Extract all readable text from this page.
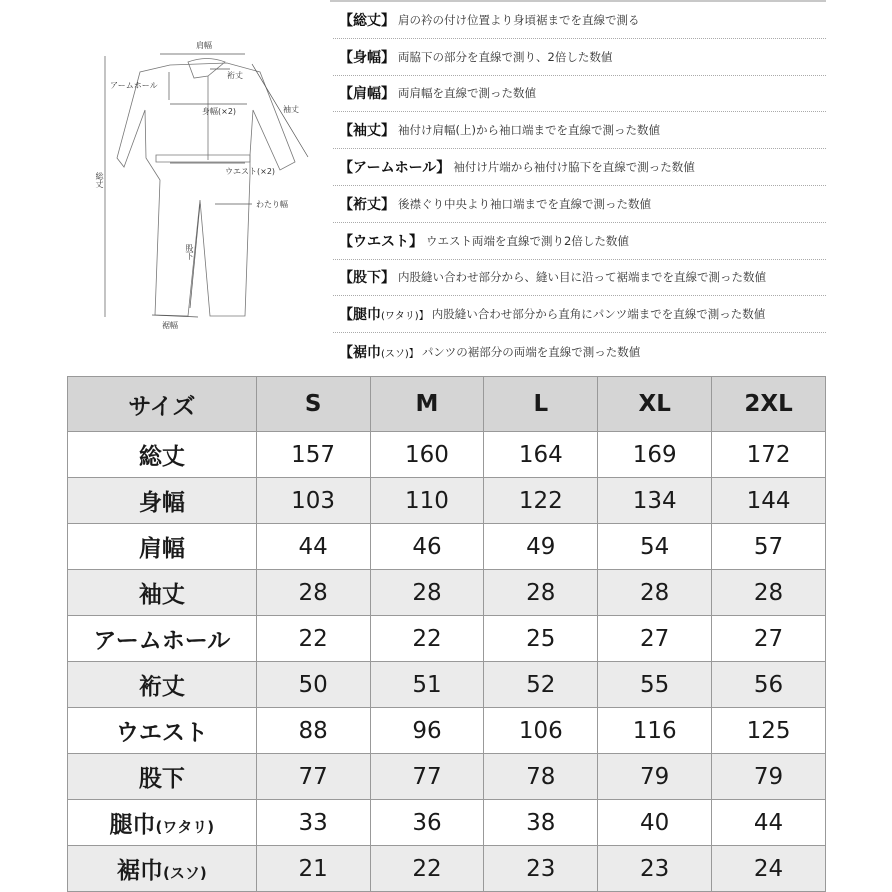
肩幅
アームホール
裄丈
身幅(×2)	袖丈
総丈
ウエスト(×2)
わたり幅
股下
裾幅
【総丈】 肩の衿の付け位置より身頃裾までを直線で測る
【身幅】 両脇下の部分を直線で測り、2倍した数値
【肩幅】 両肩幅を直線で測った数値
【袖丈】 袖付け肩幅(上)から袖口端までを直線で測った数値
【アームホール】 袖付け片端から袖付け脇下を直線で測った数値
【裄丈】 後襟ぐり中央より袖口端までを直線で測った数値
【ウエスト】 ウエスト両端を直線で測り2倍した数値
【股下】 内股縫い合わせ部分から、縫い目に沿って裾端までを直線で測った数値
【腿巾(ワタリ)】 内股縫い合わせ部分から直角にパンツ端までを直線で測った数値
【裾巾(スソ)】 パンツの裾部分の両端を直線で測った数値
サイズ	S	M	L	XL	2XL
総丈	157	160	164	169	172
身幅	103	110	122	134	144
肩幅	44	46	49	54	57
袖丈	28	28	28	28	28
アームホール	22	22	25	27	27
裄丈	50	51	52	55	56
ウエスト	88	96	106	116	125
股下	77	77	78	79	79
腿巾(ワタリ)	33	36	38	40	44
裾巾(スソ)	21	22	23	23	24
